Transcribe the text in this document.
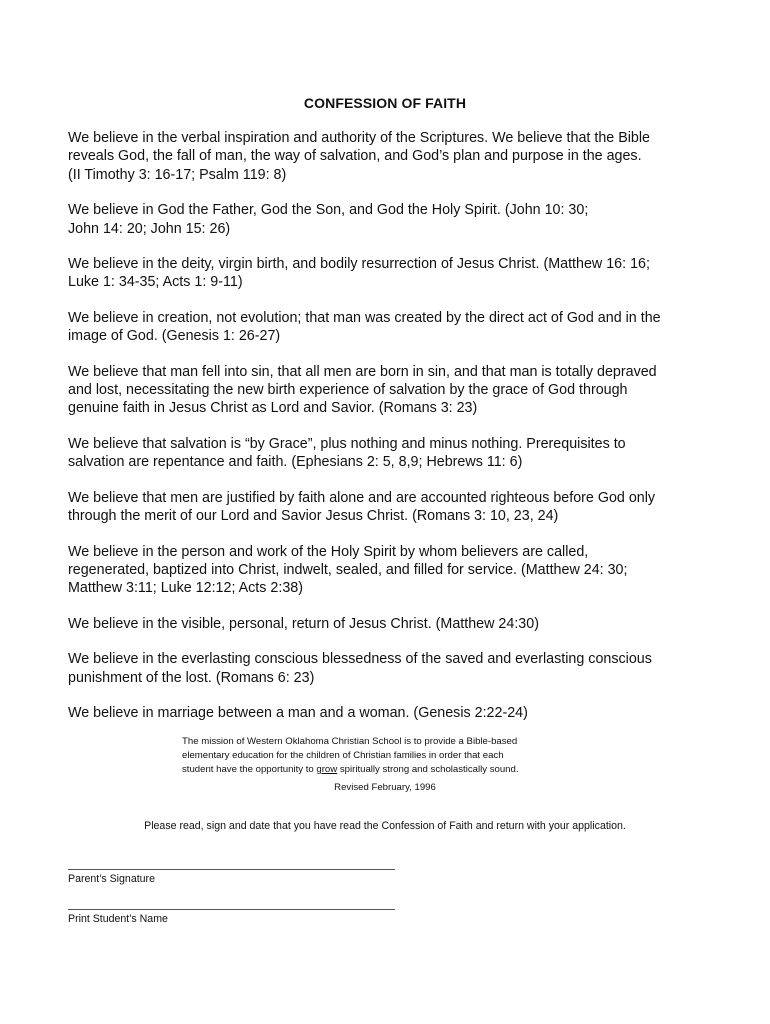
CONFESSION OF FAITH

We believe in the verbal inspiration and authority of the Scriptures. We believe that the Bible
reveals God, the fall of man, the way of salvation, and God’s plan and purpose in the ages.
(II Timothy 3: 16-17; Psalm 119: 8)

We believe in God the Father, God the Son, and God the Holy Spirit. (John 10: 30;
John 14: 20; John 15: 26)

We believe in the deity, virgin birth, and bodily resurrection of Jesus Christ. (Matthew 16: 16;
Luke 1: 34-35; Acts 1: 9-11)

We believe in creation, not evolution; that man was created by the direct act of God and in the
image of God. (Genesis 1: 26-27)

We believe that man fell into sin, that all men are born in sin, and that man is totally depraved
and lost, necessitating the new birth experience of salvation by the grace of God through
genuine faith in Jesus Christ as Lord and Savior. (Romans 3: 23)

We believe that salvation is “by Grace”, plus nothing and minus nothing. Prerequisites to
salvation are repentance and faith. (Ephesians 2: 5, 8,9; Hebrews 11: 6)

We believe that men are justified by faith alone and are accounted righteous before God only
through the merit of our Lord and Savior Jesus Christ. (Romans 3: 10, 23, 24)

We believe in the person and work of the Holy Spirit by whom believers are called,
regenerated, baptized into Christ, indwelt, sealed, and filled for service. (Matthew 24: 30;
Matthew 3:11; Luke 12:12; Acts 2:38)

We believe in the visible, personal, return of Jesus Christ. (Matthew 24:30)

We believe in the everlasting conscious blessedness of the saved and everlasting conscious
punishment of the lost. (Romans 6: 23)

We believe in marriage between a man and a woman. (Genesis 2:22-24)

The mission of Western Oklahoma Christian School is to provide a Bible-based
elementary education for the children of Christian families in order that each
student have the opportunity to grow spiritually strong and scholastically sound.
Revised February, 1996
Please read, sign and date that you have read the Confession of Faith and return with your application.
Parent’s Signature
Print Student’s Name
